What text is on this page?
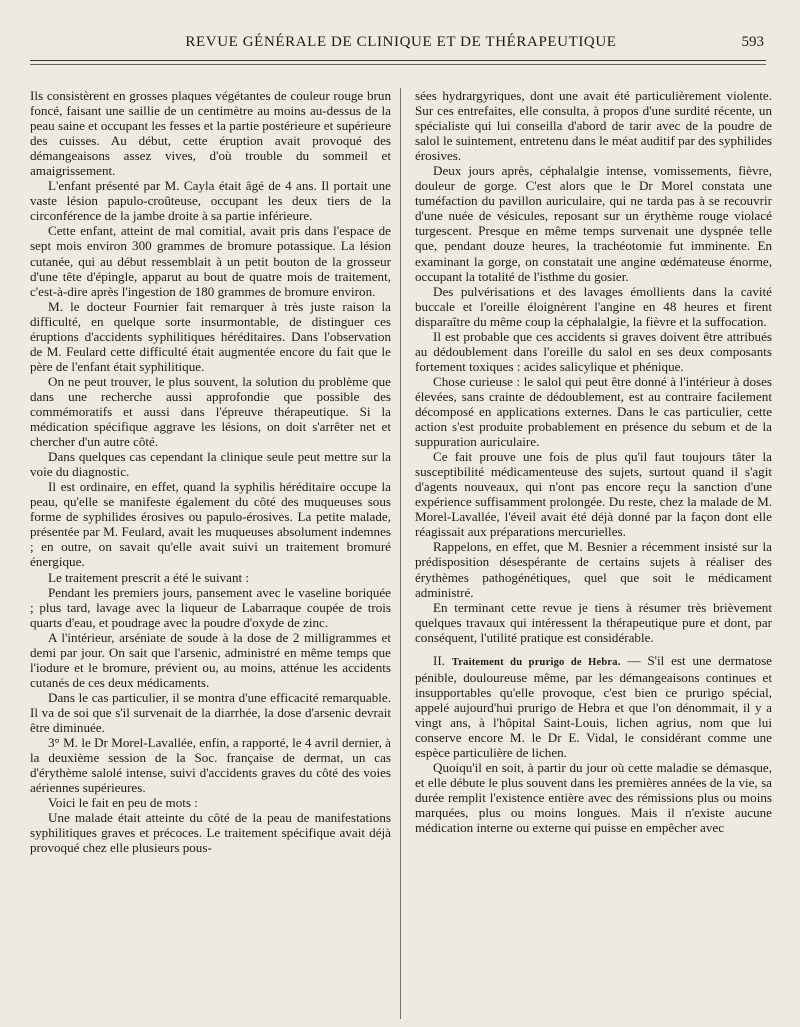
REVUE GÉNÉRALE DE CLINIQUE ET DE THÉRAPEUTIQUE	593

Ils consistèrent en grosses plaques végétantes de couleur rouge brun foncé, faisant une saillie de un centimètre au moins au-dessus de la peau saine et occupant les fesses et la partie postérieure et supérieure des cuisses. Au début, cette éruption avait provoqué des démangeaisons assez vives, d'où trouble du sommeil et amaigrissement.

L'enfant présenté par M. Cayla était âgé de 4 ans. Il portait une vaste lésion papulo-croûteuse, occupant les deux tiers de la circonférence de la jambe droite à sa partie inférieure.

Cette enfant, atteint de mal comitial, avait pris dans l'espace de sept mois environ 300 grammes de bromure potassique. La lésion cutanée, qui au début ressemblait à un petit bouton de la grosseur d'une tête d'épingle, apparut au bout de quatre mois de traitement, c'est-à-dire après l'ingestion de 180 grammes de bromure environ.

M. le docteur Fournier fait remarquer à très juste raison la difficulté, en quelque sorte insurmontable, de distinguer ces éruptions d'accidents syphilitiques héréditaires. Dans l'observation de M. Feulard cette difficulté était augmentée encore du fait que le père de l'enfant était syphilitique.

On ne peut trouver, le plus souvent, la solution du problème que dans une recherche aussi approfondie que possible des commémoratifs et aussi dans l'épreuve thérapeutique. Si la médication spécifique aggrave les lésions, on doit s'arrêter net et chercher d'un autre côté.

Dans quelques cas cependant la clinique seule peut mettre sur la voie du diagnostic.

Il est ordinaire, en effet, quand la syphilis héréditaire occupe la peau, qu'elle se manifeste également du côté des muqueuses sous forme de syphilides érosives ou papulo-érosives. La petite malade, présentée par M. Feulard, avait les muqueuses absolument indemnes ; en outre, on savait qu'elle avait suivi un traitement bromuré énergique.

Le traitement prescrit a été le suivant :

Pendant les premiers jours, pansement avec le vaseline boriquée ; plus tard, lavage avec la liqueur de Labarraque coupée de trois quarts d'eau, et poudrage avec la poudre d'oxyde de zinc.

A l'intérieur, arséniate de soude à la dose de 2 milligrammes et demi par jour. On sait que l'arsenic, administré en même temps que l'iodure et le bromure, prévient ou, au moins, atténue les accidents cutanés de ces deux médicaments.

Dans le cas particulier, il se montra d'une efficacité remarquable. Il va de soi que s'il survenait de la diarrhée, la dose d'arsenic devrait être diminuée.

3° M. le Dr Morel-Lavallée, enfin, a rapporté, le 4 avril dernier, à la deuxième session de la Soc. française de dermat, un cas d'érythème salolé intense, suivi d'accidents graves du côté des voies aériennes supérieures.

Voici le fait en peu de mots :

Une malade était atteinte du côté de la peau de manifestations syphilitiques graves et précoces. Le traitement spécifique avait déjà provoqué chez elle plusieurs pous-

sées hydrargyriques, dont une avait été particulièrement violente. Sur ces entrefaites, elle consulta, à propos d'une surdité récente, un spécialiste qui lui conseilla d'abord de tarir avec de la poudre de salol le suintement, entretenu dans le méat auditif par des syphilides érosives.

Deux jours après, céphalalgie intense, vomissements, fièvre, douleur de gorge. C'est alors que le Dr Morel constata une tuméfaction du pavillon auriculaire, qui ne tarda pas à se recouvrir d'une nuée de vésicules, reposant sur un érythème rouge violacé turgescent. Presque en même temps survenait une dyspnée telle que, pendant douze heures, la trachéotomie fut imminente. En examinant la gorge, on constatait une angine œdémateuse énorme, occupant la totalité de l'isthme du gosier.

Des pulvérisations et des lavages émollients dans la cavité buccale et l'oreille éloignèrent l'angine en 48 heures et firent disparaître du même coup la céphalalgie, la fièvre et la suffocation.

Il est probable que ces accidents si graves doivent être attribués au dédoublement dans l'oreille du salol en ses deux composants fortement toxiques : acides salicylique et phénique.

Chose curieuse : le salol qui peut être donné à l'intérieur à doses élevées, sans crainte de dédoublement, est au contraire facilement décomposé en applications externes. Dans le cas particulier, cette action s'est produite probablement en présence du sebum et de la suppuration auriculaire.

Ce fait prouve une fois de plus qu'il faut toujours tâter la susceptibilité médicamenteuse des sujets, surtout quand il s'agit d'agents nouveaux, qui n'ont pas encore reçu la sanction d'une expérience suffisamment prolongée. Du reste, chez la malade de M. Morel-Lavallée, l'éveil avait été déjà donné par la façon dont elle réagissait aux préparations mercurielles.

Rappelons, en effet, que M. Besnier a récemment insisté sur la prédisposition désespérante de certains sujets à réaliser des érythèmes pathogénétiques, quel que soit le médicament administré.

En terminant cette revue je tiens à résumer très brièvement quelques travaux qui intéressent la thérapeutique pure et dont, par conséquent, l'utilité pratique est considérable.

II. Traitement du prurigo de Hebra. — S'il est une dermatose pénible, douloureuse même, par les démangeaisons continues et insupportables qu'elle provoque, c'est bien ce prurigo spécial, appelé aujourd'hui prurigo de Hebra et que l'on dénommait, il y a vingt ans, à l'hôpital Saint-Louis, lichen agrius, nom que lui conserve encore M. le Dr E. Vidal, le considérant comme une espèce particulière de lichen.

Quoiqu'il en soit, à partir du jour où cette maladie se démasque, et elle débute le plus souvent dans les premières années de la vie, sa durée remplit l'existence entière avec des rémissions plus ou moins marquées, plus ou moins longues. Mais il n'existe aucune médication interne ou externe qui puisse en empêcher avec
